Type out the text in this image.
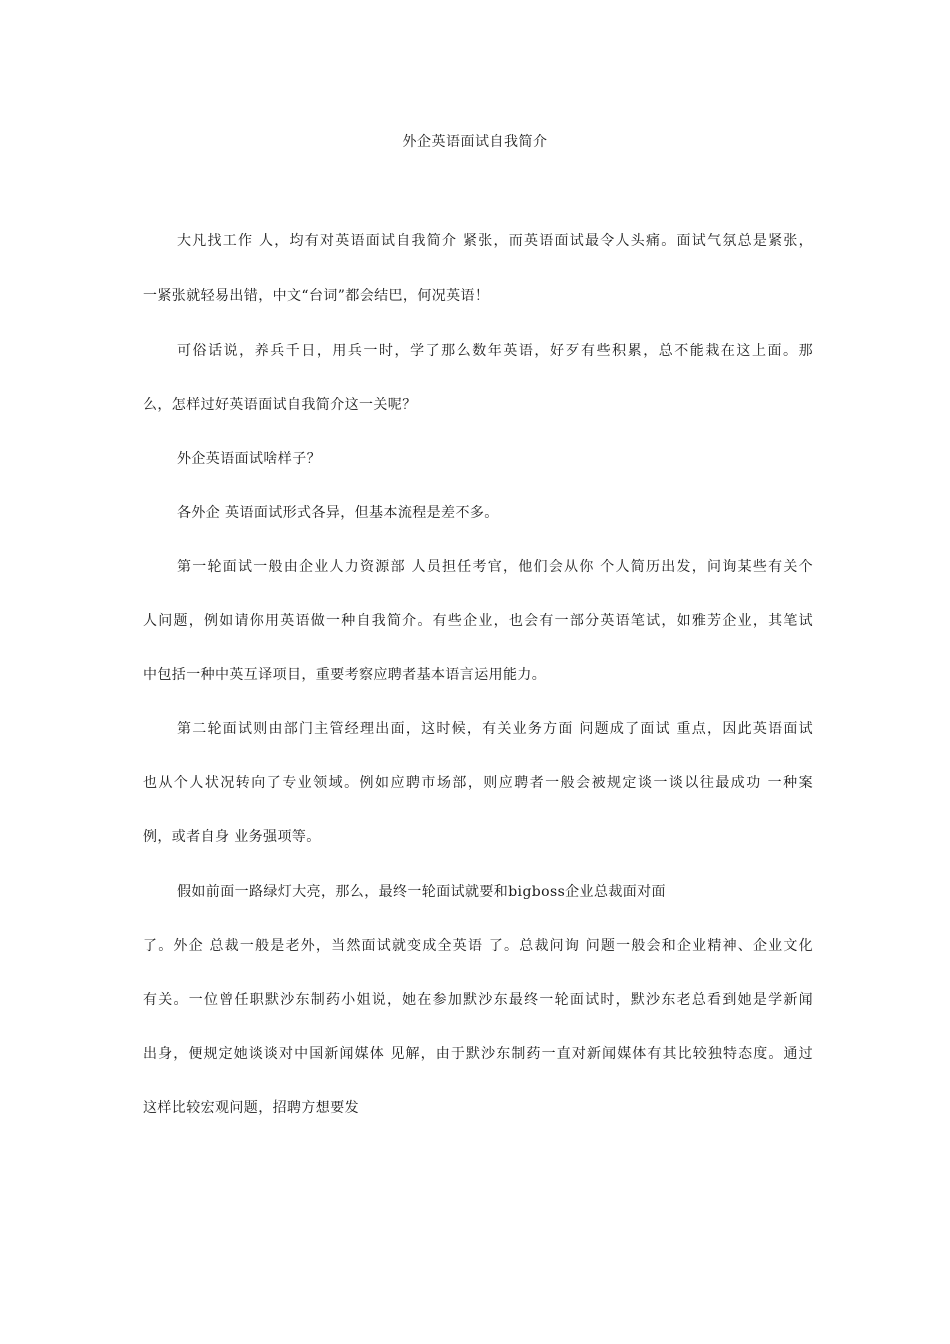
外企英语面试自我简介
大凡找工作 人，均有对英语面试自我简介 紧张，而英语面试最令人头痛。面试气氛总是紧张，
一紧张就轻易出错，中文“台词”都会结巴，何况英语！
可俗话说，养兵千日，用兵一时，学了那么数年英语，好歹有些积累，总不能栽在这上面。那
么，怎样过好英语面试自我简介这一关呢？
外企英语面试啥样子？
各外企 英语面试形式各异，但基本流程是差不多。
第一轮面试一般由企业人力资源部 人员担任考官，他们会从你 个人简历出发，问询某些有关个
人问题，例如请你用英语做一种自我简介。有些企业，也会有一部分英语笔试，如雅芳企业，其笔试
中包括一种中英互译项目，重要考察应聘者基本语言运用能力。
第二轮面试则由部门主管经理出面，这时候，有关业务方面 问题成了面试 重点，因此英语面试
也从个人状况转向了专业领域。例如应聘市场部，则应聘者一般会被规定谈一谈以往最成功 一种案
例，或者自身 业务强项等。
假如前面一路绿灯大亮，那么，最终一轮面试就要和bigboss企业总裁面对面
了。外企 总裁一般是老外，当然面试就变成全英语 了。总裁问询 问题一般会和企业精神、企业文化
有关。一位曾任职默沙东制药小姐说，她在参加默沙东最终一轮面试时，默沙东老总看到她是学新闻
出身，便规定她谈谈对中国新闻媒体 见解，由于默沙东制药一直对新闻媒体有其比较独特态度。通过
这样比较宏观问题，招聘方想要发
